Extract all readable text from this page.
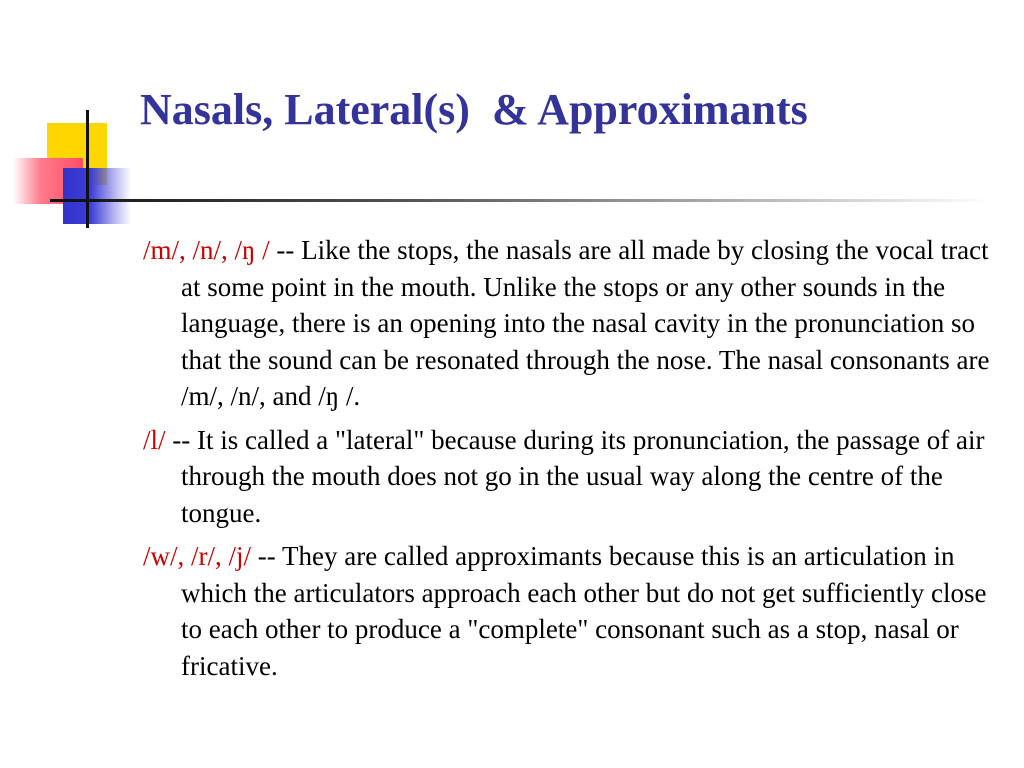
Nasals, Lateral(s)  & Approximants

/m/, /n/, /ŋ / -- Like the stops, the nasals are all made by closing the vocal tract at some point in the mouth. Unlike the stops or any other sounds in the language, there is an opening into the nasal cavity in the pronunciation so that the sound can be resonated through the nose. The nasal consonants are /m/, /n/, and /ŋ /.

/l/ -- It is called a "lateral" because during its pronunciation, the passage of air through the mouth does not go in the usual way along the centre of the tongue.

/w/, /r/, /j/ -- They are called approximants because this is an articulation in which the articulators approach each other but do not get sufficiently close to each other to produce a "complete" consonant such as a stop, nasal or fricative.
